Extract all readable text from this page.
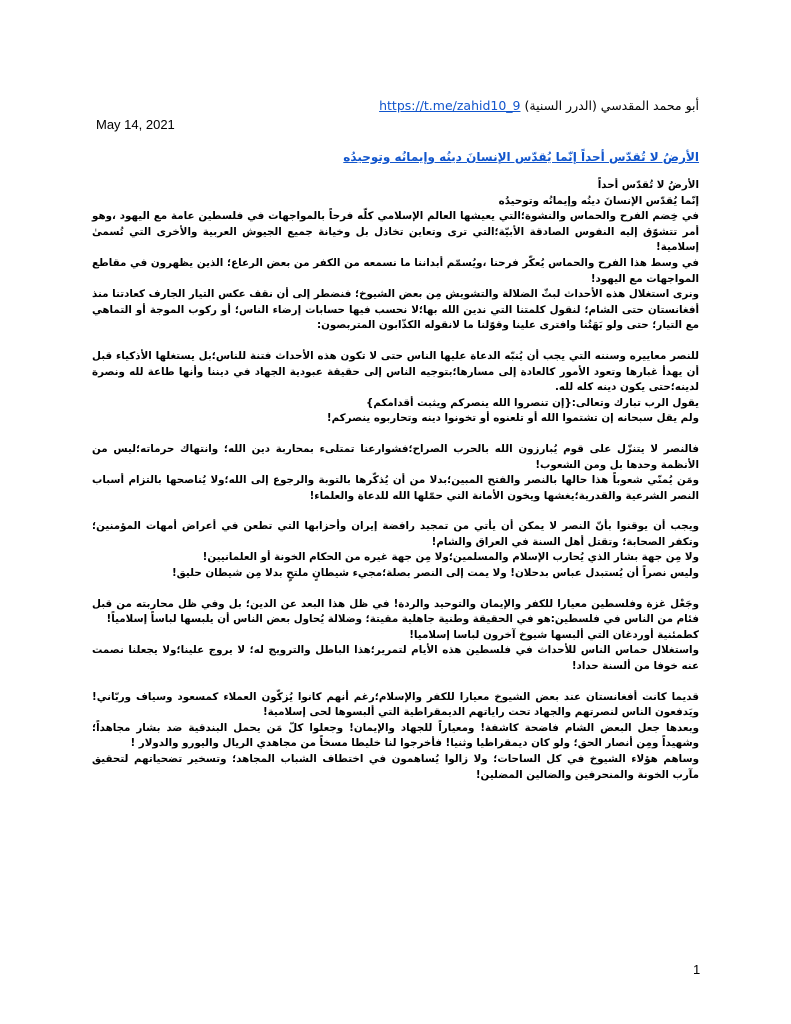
أبو محمد المقدسي (الدرر السنية) https://t.me/zahid10_9
May 14, 2021
الأرضُ لا تُقدّس أحداً إنّما يُقدّس الإنسانَ دينُه وإيمانُه وتوحيدُه

الأرضُ لا تُقدّس أحداً

إنّما يُقدّس الإنسانَ دينُه وإيمانُه وتوحيدُه

في خِضم الفرح والحماس والنشوة؛التي يعيشها العالم الإسلامي كلّه فرحاً بالمواجهات في فلسطين عامة مع اليهود ،وهو أمر تتشوّق إليه النفوس الصادقة الأبيّة؛التي ترى وتعاين تخاذل بل وخيانة جميع الجيوش العربية والأخرى التي تُسمىٰ إسلامية!

في وسط هذا الفرح والحماس يُعكّر فرحنا ،ويُسمّم أبداننا ما نسمعه من الكفر من بعض الرعاع؛ الذين يظهرون في مقاطع المواجهات مع اليهود!

ونرى استغلال هذه الأحداث لبثّ الضلالة والتشويش مِن بعض الشيوخ؛ فنضطر إلى أن نقف عكس التيار الجارف كعادتنا منذ أفغانستان حتى الشام؛ لنقول كلمتنا التي ندين الله بها؛لا نحسب فيها حسابات إرضاء الناس؛ أو ركوب الموجة أو التماهي مع التيار؛ حتى ولو بَهَتُنا وافترى علينا وقوّلنا ما لانقوله الكذّابون المتربصون:

للنصر معاييره وسننه التي يجب أن يُنبّه الدعاة عليها الناس حتى لا تكون هذه الأحداث فتنة للناس؛بل يستغلها الأذكياء قبل أن يهدأ غبارها وتعود الأمور كالعادة إلى مسارها؛بتوجيه الناس إلى حقيقة عبودية الجهاد في ديننا وأنها طاعة لله ونصرة لدينه؛حتى يكون دينه كله لله.

يقول الرب تبارك وتعالى:{إن تنصروا الله ينصركم ويثبت أقدامكم}

ولم يقل سبحانه إن تشتموا الله أو تلعنوه أو تخونوا دينه وتحاربوه ينصركم!

فالنصر لا يتنزّل على قوم يُبارزون الله بالحرب الصراح؛فشوارعنا تمتلىء بمحاربة دين الله؛ وانتهاك حرماته؛ليس من الأنظمة وحدها بل ومن الشعوب!

ومَن يُمنّي شعوباً هذا حالها بالنصر والفتح المبين؛بدلا من أن يُذكّرها بالتوبة والرجوع إلى الله؛ولا يُناصحها بالتزام أسباب النصر الشرعية والقدرية؛يغشها ويخون الأمانة التي حمّلها الله للدعاة والعلماء!

ويجب أن يوقنوا بأنّ النصر لا يمكن أن يأتي من تمجيد رافضة إيران وأحزابها التي تطعن في أعراض أمهات المؤمنين؛ وتكفر الصحابة؛ وتقتل أهل السنة في العراق والشام!

ولا مِن جهة بشار الذي يُحارب الإسلام والمسلمين؛ولا مِن جهة غيره من الحكام الخونة أو العلمانيين!

وليس نصراً أن يُستبدل عباس بدحلان! ولا يمت إلى النصر بصلة؛مجيء شيطانٍ ملتحٍ بدلا مِن شيطان حليق!

وجَعْل غزة وفلسطين معيارا للكفر والإيمان والتوحيد والردة! في ظل هذا البعد عن الدين؛ بل وفي ظل محاربته من قبل فئام من الناس في فلسطين:هو في الحقيقة وطنية جاهلية مقيتة؛ وضلالة يُحاول بعض الناس أن يلبسها لباساً إسلامياً!

كطمئنية أوردغان التي ألبسها شيوخ آخرون لباسا إسلاميا!

واستغلال حماس الناس للأحداث في فلسطين هذه الأيام لتمرير؛هذا الباطل والترويج له؛ لا يروج علينا؛ولا يجعلنا نصمت عنه خوفا من ألسنة حداد!

قديما كانت أفغانستان عند بعض الشيوخ معيارا للكفر والإسلام؛رغم أنهم كانوا يُزكّون العملاء كمسعود وسياف وربّاني! ويَدفعون الناس لنصرتهم والجهاد تحت راياتهم الديمقراطية التي ألبسوها لحى إسلامية!

وبعدها جعل البعض الشام فاضحة كاشفة! ومعياراً للجهاد والإيمان! وجعلوا كلّ مَن يحمل البندقية ضد بشار مجاهداً؛ وشهيداً ومِن أنصار الحق؛ ولو كان ديمقراطيا وثنيا! فأخرجوا لنا خليطا مسخاً من مجاهدي الريال واليورو والدولار !

وساهم هؤلاء الشيوخ في كل الساحات؛ ولا زالوا يُساهمون في اختطاف الشباب المجاهد؛ وتسخير تضحياتهم لتحقيق مآرب الخونة والمنحرفين والضالين المضلين!

1
